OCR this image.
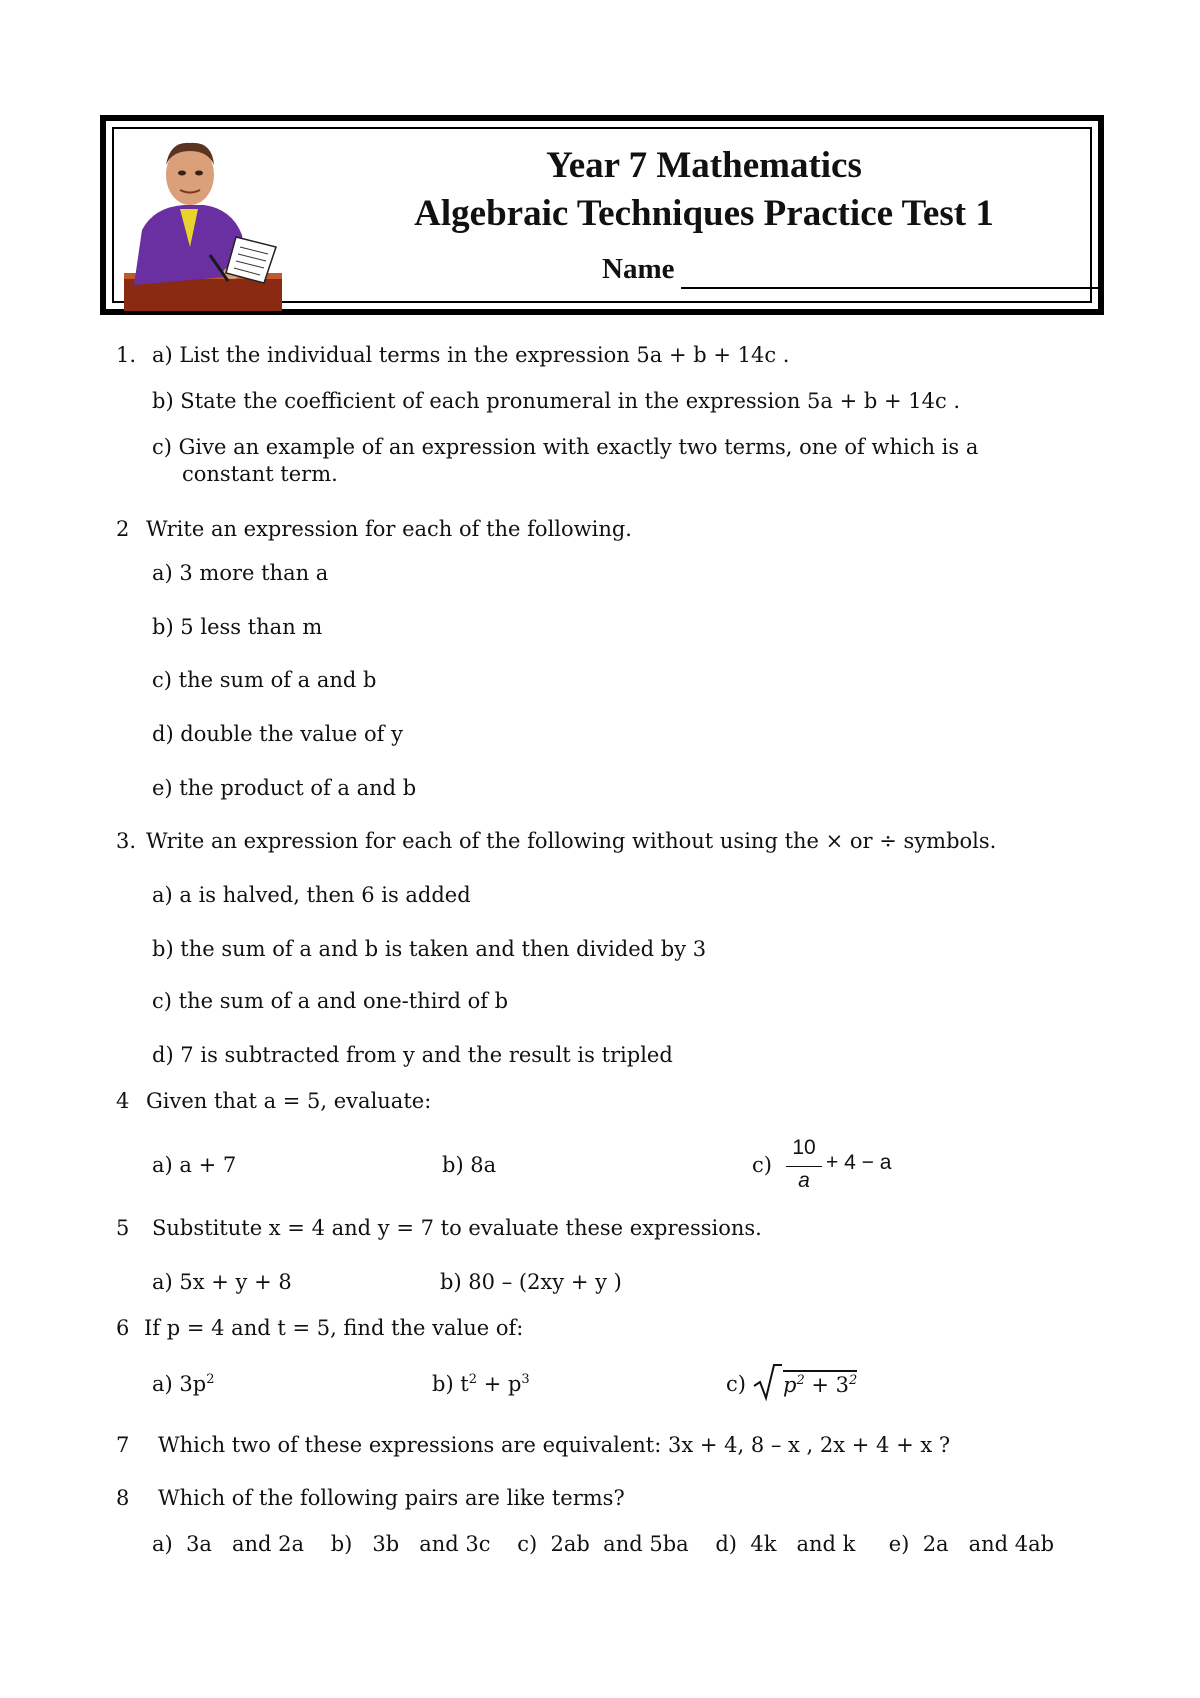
Year 7 Mathematics
Algebraic Techniques Practice Test 1
Name
1. a) List the individual terms in the expression 5a + b + 14c .
b) State the coefficient of each pronumeral in the expression 5a + b + 14c .
c) Give an example of an expression with exactly two terms, one of which is a
constant term.
2 Write an expression for each of the following.
a) 3 more than a
b) 5 less than m
c) the sum of a and b
d) double the value of y
e) the product of a and b
3. Write an expression for each of the following without using the × or ÷ symbols.
a) a is halved, then 6 is added
b) the sum of a and b is taken and then divided by 3
c) the sum of a and one-third of b
d) 7 is subtracted from y and the result is tripled
4 Given that a = 5, evaluate:
a) a + 7	b) 8a	c)
10
a
+ 4 − a
5 Substitute x = 4 and y = 7 to evaluate these expressions.
a) 5x + y + 8	b) 80 – (2xy + y )
6 If p = 4 and t = 5, find the value of:
a) $3p^2$	b) $t^2 + p^3$	c) $p^2 + 3^2$
7 Which two of these expressions are equivalent: 3x + 4, 8 – x , 2x + 4 + x ?
8 Which of the following pairs are like terms?
a)  3a   and 2a    b)   3b   and 3c    c)  2ab  and 5ba    d)  4k   and k     e)  2a   and 4ab
